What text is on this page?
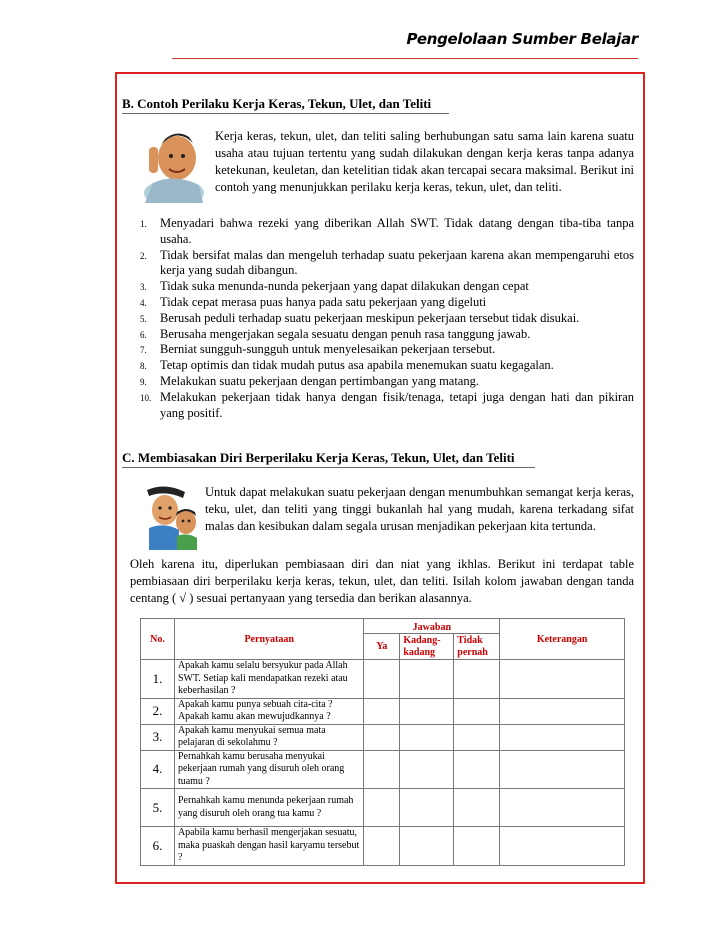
Pengelolaan Sumber Belajar
B. Contoh Perilaku Kerja Keras, Tekun, Ulet, dan Teliti
Kerja keras, tekun, ulet, dan teliti saling berhubungan satu sama lain karena suatu usaha atau tujuan tertentu yang sudah dilakukan dengan kerja keras tanpa adanya ketekunan, keuletan, dan ketelitian tidak akan tercapai secara maksimal. Berikut ini contoh yang menunjukkan perilaku kerja keras, tekun, ulet, dan teliti.
1. Menyadari bahwa rezeki yang diberikan Allah SWT. Tidak datang dengan tiba-tiba tanpa usaha.
2. Tidak bersifat malas dan mengeluh terhadap suatu pekerjaan karena akan mempengaruhi etos kerja yang sudah dibangun.
3. Tidak suka menunda-nunda pekerjaan yang dapat dilakukan dengan cepat
4. Tidak cepat merasa puas hanya pada satu pekerjaan yang digeluti
5. Berusah peduli terhadap suatu pekerjaan meskipun pekerjaan tersebut tidak disukai.
6. Berusaha mengerjakan segala sesuatu dengan penuh rasa tanggung jawab.
7. Berniat sungguh-sungguh untuk menyelesaikan pekerjaan tersebut.
8. Tetap optimis dan tidak mudah putus asa apabila menemukan suatu kegagalan.
9. Melakukan suatu pekerjaan dengan pertimbangan yang matang.
10. Melakukan pekerjaan tidak hanya dengan fisik/tenaga, tetapi juga dengan hati dan pikiran yang positif.
C. Membiasakan Diri Berperilaku Kerja Keras, Tekun, Ulet, dan Teliti
Untuk dapat melakukan suatu pekerjaan dengan menumbuhkan semangat kerja keras, teku, ulet, dan teliti yang tinggi bukanlah hal yang mudah, karena terkadang sifat malas dan kesibukan dalam segala urusan menjadikan pekerjaan kita tertunda.
Oleh karena itu, diperlukan pembiasaan diri dan niat yang ikhlas. Berikut ini terdapat table pembiasaan diri berperilaku kerja keras, tekun, ulet, dan teliti. Isilah kolom jawaban dengan tanda centang ( √ ) sesuai pertanyaan yang tersedia dan berikan alasannya.
No.	Pernyataan	Jawaban			Keterangan
		Ya	Kadang-kadang	Tidak pernah	
1.	Apakah kamu selalu bersyukur pada Allah SWT. Setiap kali mendapatkan rezeki atau keberhasilan ?				
2.	Apakah kamu punya sebuah cita-cita ? Apakah kamu akan mewujudkannya ?				
3.	Apakah kamu menyukai semua mata pelajaran di sekolahmu ?				
4.	Pernahkah kamu berusaha menyukai pekerjaan rumah yang disuruh oleh orang tuamu ?				
5.	Pernahkah kamu menunda pekerjaan rumah yang disuruh oleh orang tua kamu ?				
6.	Apabila kamu berhasil mengerjakan sesuatu, maka puaskah dengan hasil karyamu tersebut ?				
